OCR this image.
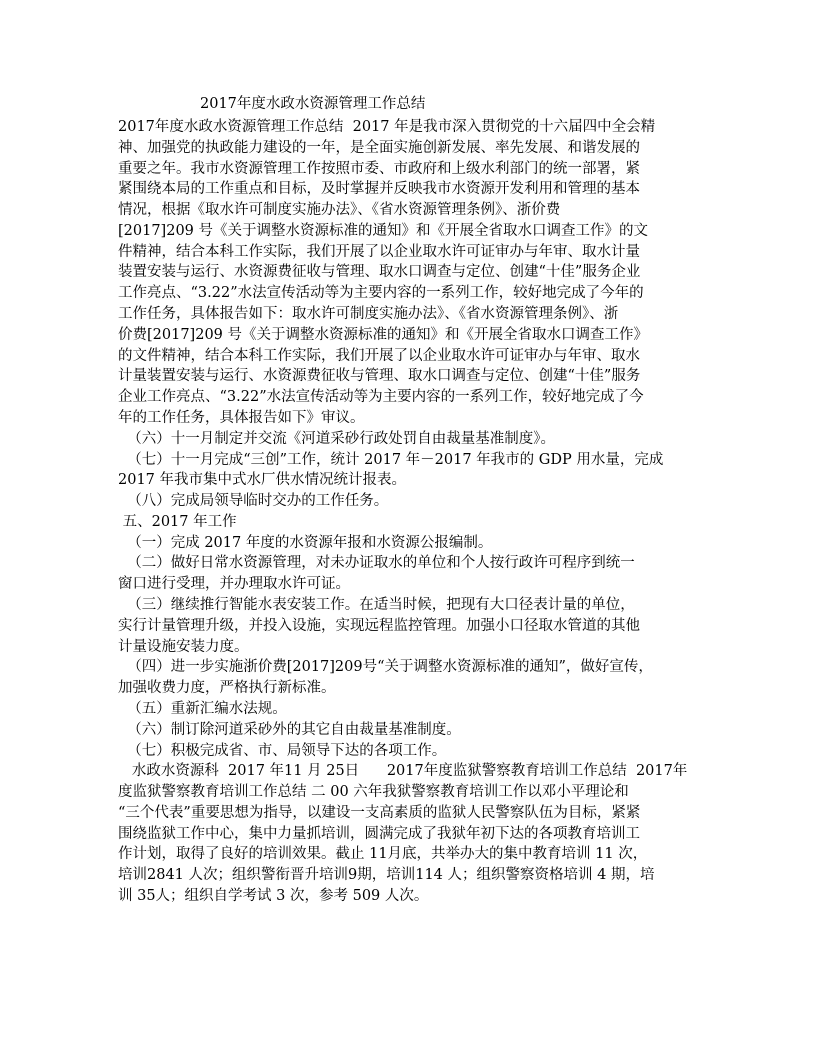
2017年度水政水资源管理工作总结
2017年度水政水资源管理工作总结  2017 年是我市深入贯彻党的十六届四中全会精
神、加强党的执政能力建设的一年，是全面实施创新发展、率先发展、和谐发展的
重要之年。我市水资源管理工作按照市委、市政府和上级水利部门的统一部署，紧
紧围绕本局的工作重点和目标，及时掌握并反映我市水资源开发利用和管理的基本
情况，根据《取水许可制度实施办法》、《省水资源管理条例》、浙价费
[2017]209 号《关于调整水资源标准的通知》和《开展全省取水口调查工作》的文
件精神，结合本科工作实际，我们开展了以企业取水许可证审办与年审、取水计量
装置安装与运行、水资源费征收与管理、取水口调查与定位、创建“十佳”服务企业
工作亮点、“3.22”水法宣传活动等为主要内容的一系列工作，较好地完成了今年的
工作任务，具体报告如下：取水许可制度实施办法》、《省水资源管理条例》、浙
价费[2017]209 号《关于调整水资源标准的通知》和《开展全省取水口调查工作》
的文件精神，结合本科工作实际，我们开展了以企业取水许可证审办与年审、取水
计量装置安装与运行、水资源费征收与管理、取水口调查与定位、创建“十佳”服务
企业工作亮点、“3.22”水法宣传活动等为主要内容的一系列工作，较好地完成了今
年的工作任务，具体报告如下》审议。
（六）十一月制定并交流《河道采砂行政处罚自由裁量基准制度》。
（七）十一月完成“三创”工作，统计 2017 年－2017 年我市的 GDP 用水量，完成
2017 年我市集中式水厂供水情况统计报表。
（八）完成局领导临时交办的工作任务。
五、2017 年工作
（一）完成 2017 年度的水资源年报和水资源公报编制。
（二）做好日常水资源管理，对未办证取水的单位和个人按行政许可程序到统一
窗口进行受理，并办理取水许可证。
（三）继续推行智能水表安装工作。在适当时候，把现有大口径表计量的单位，
实行计量管理升级，并投入设施，实现远程监控管理。加强小口径取水管道的其他
计量设施安装力度。
（四）进一步实施浙价费[2017]209号“关于调整水资源标准的通知”，做好宣传，
加强收费力度，严格执行新标准。
（五）重新汇编水法规。
（六）制订除河道采砂外的其它自由裁量基准制度。
（七）积极完成省、市、局领导下达的各项工作。
水政水资源科  2017 年11 月 25日      2017年度监狱警察教育培训工作总结  2017年
度监狱警察教育培训工作总结 二 00 六年我狱警察教育培训工作以邓小平理论和
“三个代表”重要思想为指导，以建设一支高素质的监狱人民警察队伍为目标，紧紧
围绕监狱工作中心，集中力量抓培训，圆满完成了我狱年初下达的各项教育培训工
作计划，取得了良好的培训效果。截止 11月底，共举办大的集中教育培训 11 次，
培训2841 人次；组织警衔晋升培训9期，培训114 人；组织警察资格培训 4 期，培
训 35人；组织自学考试 3 次，参考 509 人次。
